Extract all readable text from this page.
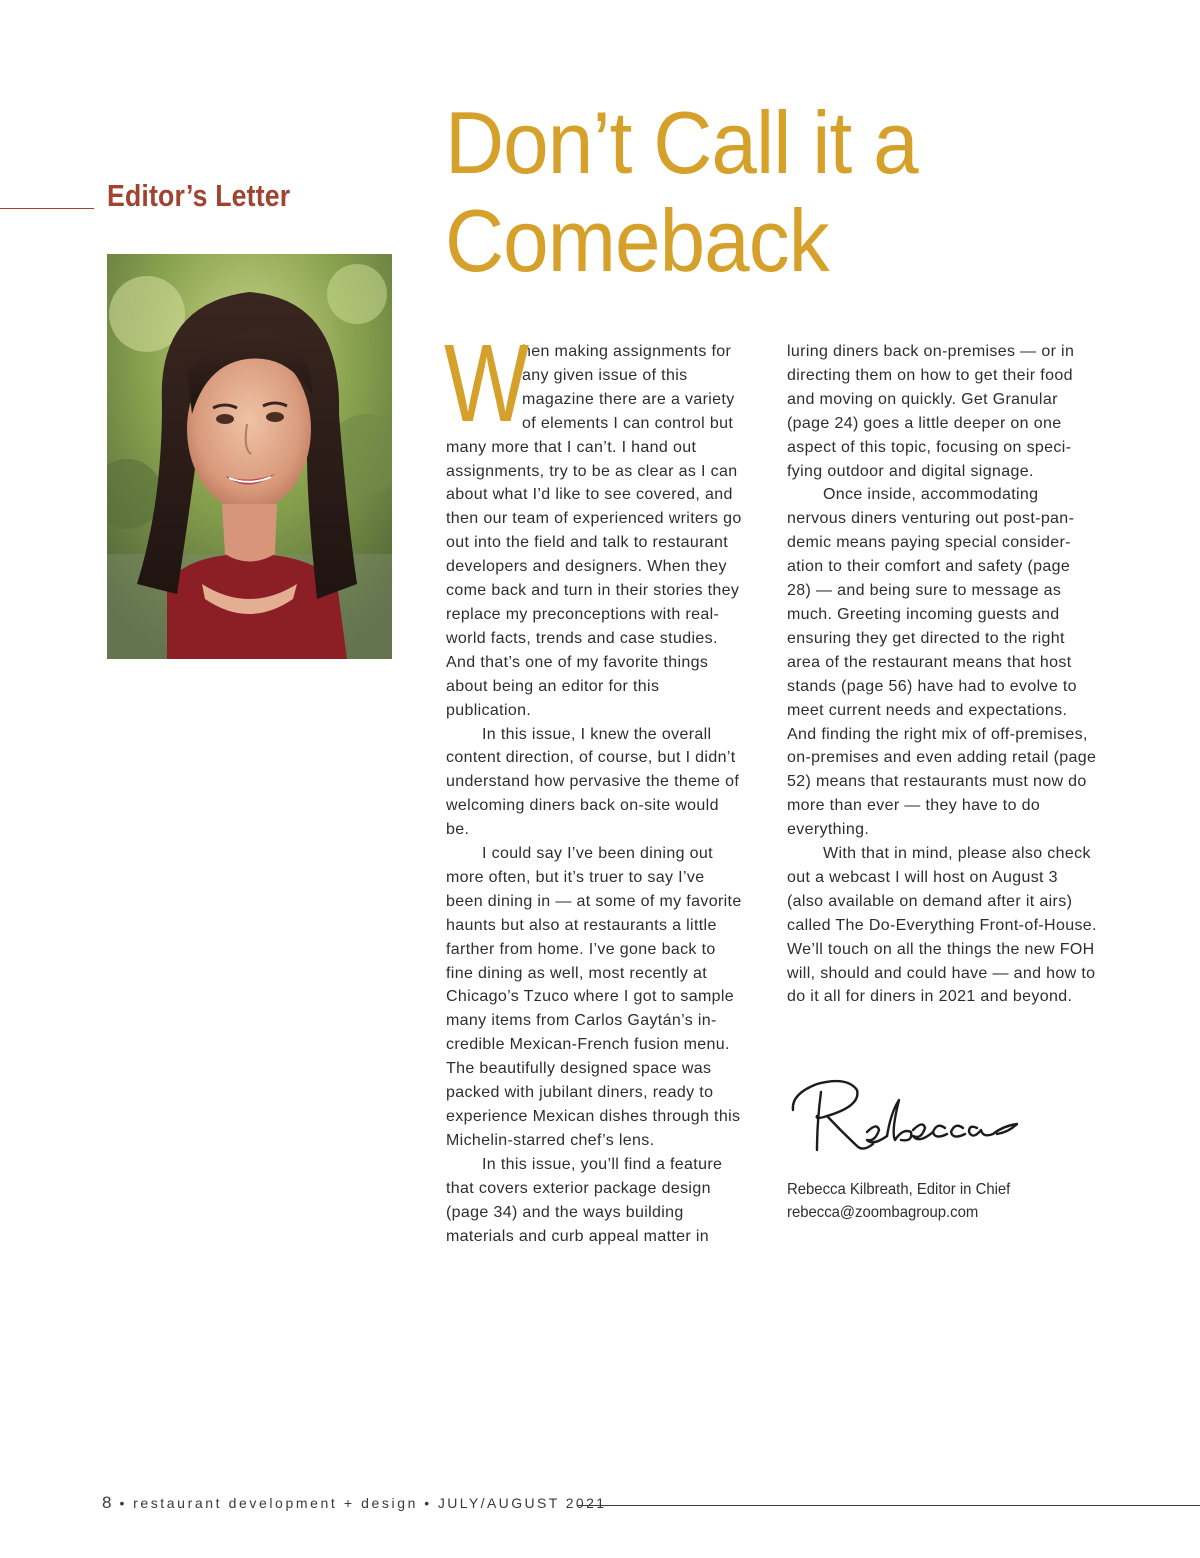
Editor’s Letter
Don’t Call it a
Comeback

W
hen making assignments for any given issue of this magazine there are a variety of elements I can control but many more that I can’t. I hand out assignments, try to be as clear as I can about what I’d like to see covered, and then our team of experienced writers go out into the field and talk to restaurant developers and designers. When they come back and turn in their stories they replace my preconceptions with real-world facts, trends and case studies. And that’s one of my favorite things about being an editor for this publication.

In this issue, I knew the overall content direction, of course, but I didn’t understand how pervasive the theme of welcoming diners back on-site would be.

I could say I’ve been dining out more often, but it’s truer to say I’ve been dining in — at some of my favorite haunts but also at restaurants a little farther from home. I’ve gone back to fine dining as well, most recently at Chicago’s Tzuco where I got to sample many items from Carlos Gaytán’s incredible Mexican-French fusion menu. The beautifully designed space was packed with jubilant diners, ready to experience Mexican dishes through this Michelin-starred chef’s lens.

In this issue, you’ll find a feature that covers exterior package design (page 34) and the ways building materials and curb appeal matter in

luring diners back on-premises — or in directing them on how to get their food and moving on quickly. Get Granular (page 24) goes a little deeper on one aspect of this topic, focusing on specifying outdoor and digital signage.

Once inside, accommodating nervous diners venturing out post-pandemic means paying special consideration to their comfort and safety (page 28) — and being sure to message as much. Greeting incoming guests and ensuring they get directed to the right area of the restaurant means that host stands (page 56) have had to evolve to meet current needs and expectations. And finding the right mix of off-premises, on-premises and even adding retail (page 52) means that restaurants must now do more than ever — they have to do everything.

With that in mind, please also check out a webcast I will host on August 3 (also available on demand after it airs) called The Do-Everything Front-of-House. We’ll touch on all the things the new FOH will, should and could have — and how to do it all for diners in 2021 and beyond.

Rebecca Kilbreath, Editor in Chief
rebecca@zoombagroup.com
8 • restaurant development + design • JULY/AUGUST 2021
